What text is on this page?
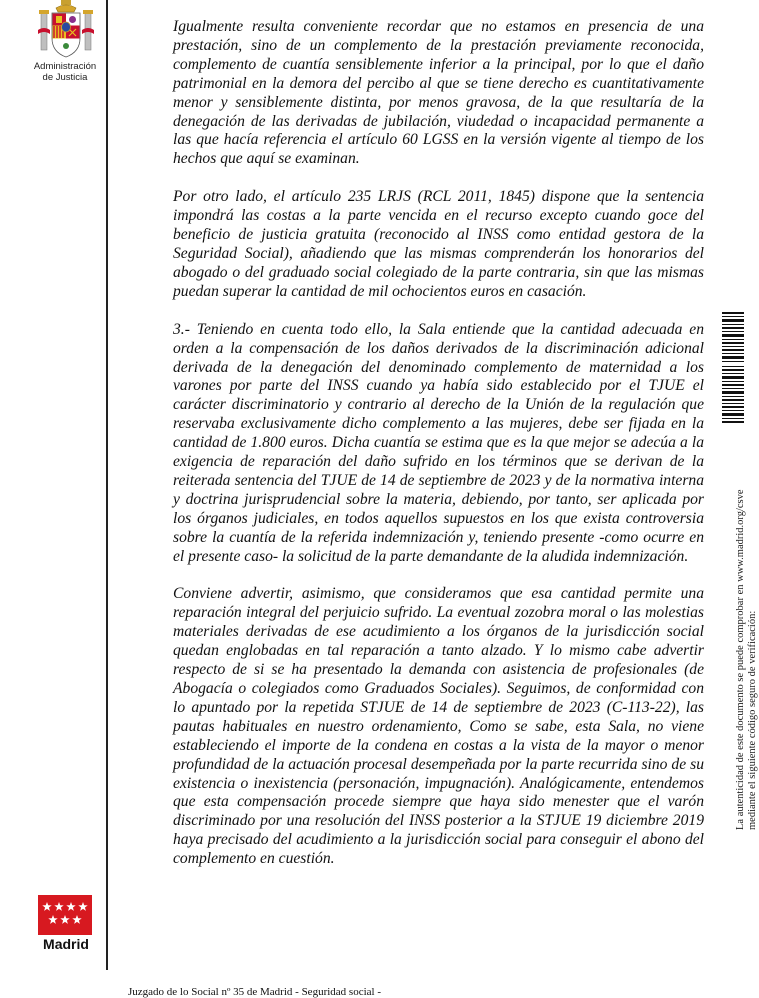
Administración
de Justicia

Igualmente resulta conveniente recordar que no estamos en presencia de una prestación, sino de un complemento de la prestación previamente reconocida, complemento de cuantía sensiblemente inferior a la principal, por lo que el daño patrimonial en la demora del percibo al que se tiene derecho es cuantitativamente menor y sensiblemente distinta, por menos gravosa, de la que resultaría de la denegación de las derivadas de jubilación, viudedad o incapacidad permanente a las que hacía referencia el artículo 60 LGSS en la versión vigente al tiempo de los hechos que aquí se examinan.

Por otro lado, el artículo 235 LRJS (RCL 2011, 1845) dispone que la sentencia impondrá las costas a la parte vencida en el recurso excepto cuando goce del beneficio de justicia gratuita (reconocido al INSS como entidad gestora de la Seguridad Social), añadiendo que las mismas comprenderán los honorarios del abogado o del graduado social colegiado de la parte contraria, sin que las mismas puedan superar la cantidad de mil ochocientos euros en casación.

3.- Teniendo en cuenta todo ello, la Sala entiende que la cantidad adecuada en orden a la compensación de los daños derivados de la discriminación adicional derivada de la denegación del denominado complemento de maternidad a los varones por parte del INSS cuando ya había sido establecido por el TJUE el carácter discriminatorio y contrario al derecho de la Unión de la regulación que reservaba exclusivamente dicho complemento a las mujeres, debe ser fijada en la cantidad de 1.800 euros. Dicha cuantía se estima que es la que mejor se adecúa a la exigencia de reparación del daño sufrido en los términos que se derivan de la reiterada sentencia del TJUE de 14 de septiembre de 2023 y de la normativa interna y doctrina jurisprudencial sobre la materia, debiendo, por tanto, ser aplicada por los órganos judiciales, en todos aquellos supuestos en los que exista controversia sobre la cuantía de la referida indemnización y, teniendo presente -como ocurre en el presente caso- la solicitud de la parte demandante de la aludida indemnización.

Conviene advertir, asimismo, que consideramos que esa cantidad permite una reparación integral del perjuicio sufrido. La eventual zozobra moral o las molestias materiales derivadas de ese acudimiento a los órganos de la jurisdicción social quedan englobadas en tal reparación a tanto alzado. Y lo mismo cabe advertir respecto de si se ha presentado la demanda con asistencia de profesionales (de Abogacía o colegiados como Graduados Sociales). Seguimos, de conformidad con lo apuntado por la repetida STJUE de 14 de septiembre de 2023 (C-113-22), las pautas habituales en nuestro ordenamiento, Como se sabe, esta Sala, no viene estableciendo el importe de la condena en costas a la vista de la mayor o menor profundidad de la actuación procesal desempeñada por la parte recurrida sino de su existencia o inexistencia (personación, impugnación). Analógicamente, entendemos que esta compensación procede siempre que haya sido menester que el varón discriminado por una resolución del INSS posterior a la STJUE 19 diciembre 2019 haya precisado del acudimiento a la jurisdicción social para conseguir el abono del complemento en cuestión.

La autenticidad de este documento se puede comprobar en www.madrid.org/csve mediante el siguiente código seguro de verificación:
Madrid
Juzgado de lo Social nº 35 de Madrid - Seguridad social -
